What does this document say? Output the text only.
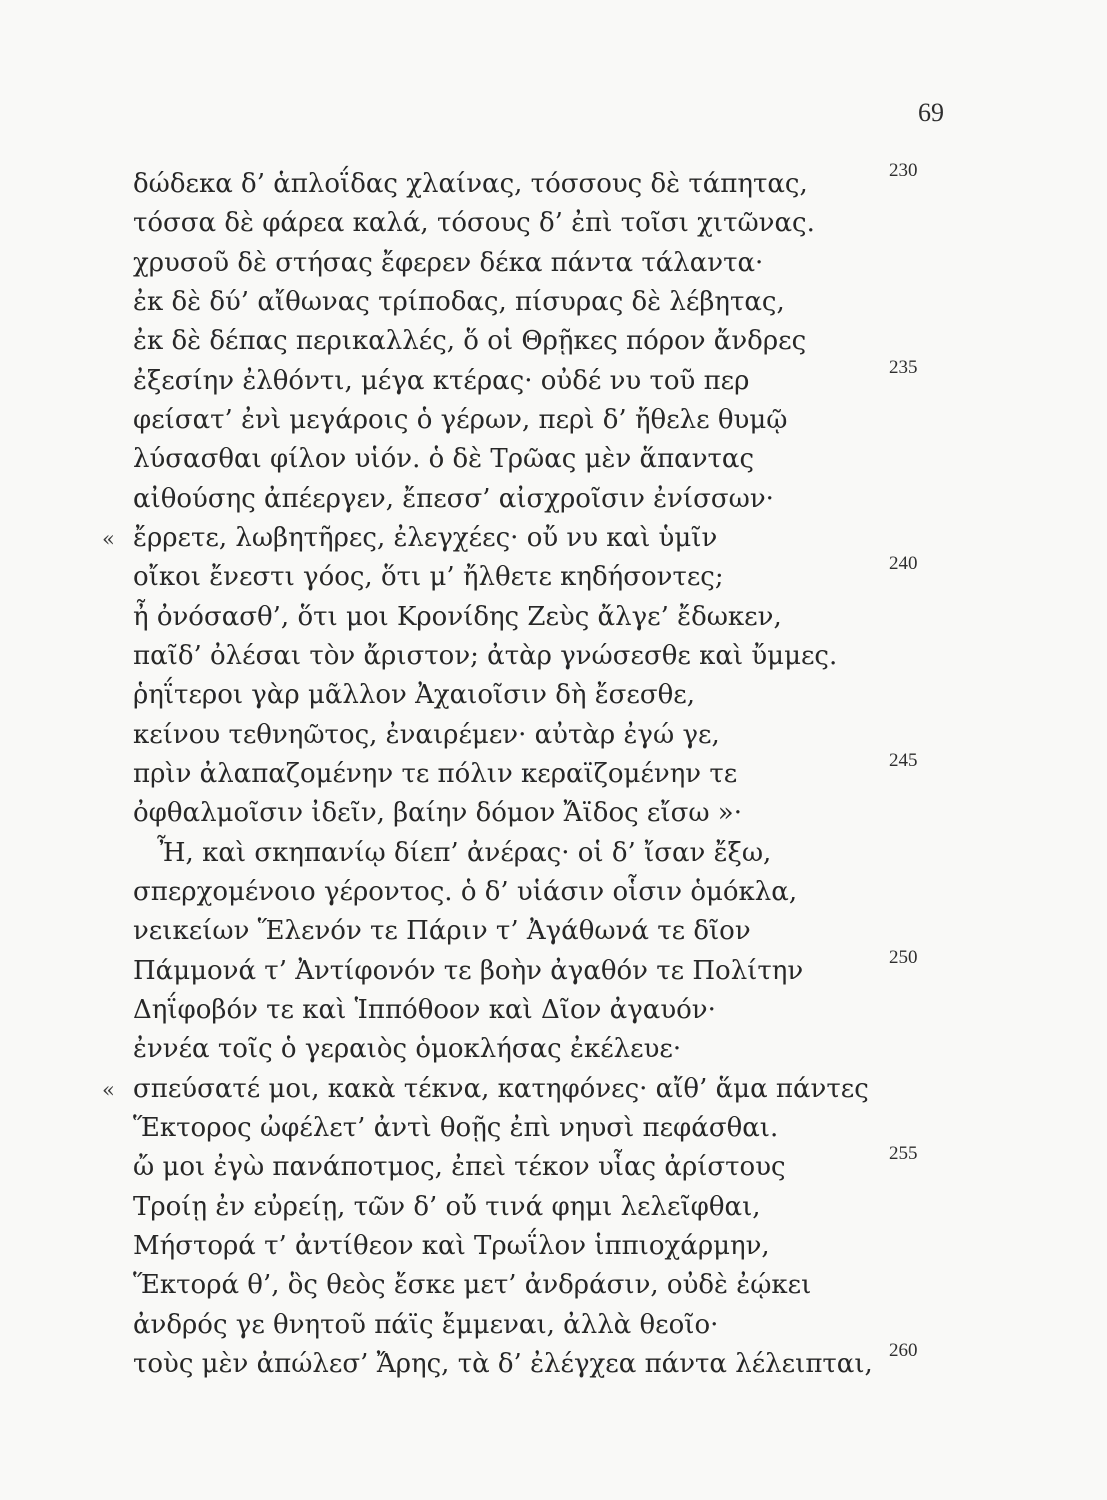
69
δώδεκα δ’ ἁπλοΐδας χλαίνας, τόσσους δὲ τάπητας,	230
τόσσα δὲ φάρεα καλά, τόσους δ’ ἐπὶ τοῖσι χιτῶνας.
χρυσοῦ δὲ στήσας ἔφερεν δέκα πάντα τάλαντα·
ἐκ δὲ δύ’ αἴθωνας τρίποδας, πίσυρας δὲ λέβητας,
ἐκ δὲ δέπας περικαλλές, ὅ οἱ Θρῇκες πόρον ἄνδρες
ἐξεσίην ἐλθόντι, μέγα κτέρας· οὐδέ νυ τοῦ περ	235
φείσατ’ ἐνὶ μεγάροις ὁ γέρων, περὶ δ’ ἤθελε θυμῷ
λύσασθαι φίλον υἱόν. ὁ δὲ Τρῶας μὲν ἅπαντας
αἰθούσης ἀπέεργεν, ἔπεσσ’ αἰσχροῖσιν ἐνίσσων·
« ἔρρετε, λωβητῆρες, ἐλεγχέες· οὔ νυ καὶ ὑμῖν
οἴκοι ἔνεστι γόος, ὅτι μ’ ἤλθετε κηδήσοντες;	240
ἦ ὀνόσασθ’, ὅτι μοι Κρονίδης Ζεὺς ἄλγε’ ἔδωκεν,
παῖδ’ ὀλέσαι τὸν ἄριστον; ἀτὰρ γνώσεσθε καὶ ὔμμες.
ῥηΐτεροι γὰρ μᾶλλον Ἀχαιοῖσιν δὴ ἔσεσθε,
κείνου τεθνηῶτος, ἐναιρέμεν· αὐτὰρ ἐγώ γε,
πρὶν ἀλαπαζομένην τε πόλιν κεραϊζομένην τε	245
ὀφθαλμοῖσιν ἰδεῖν, βαίην δόμον Ἄϊδος εἴσω »·
Ἦ, καὶ σκηπανίῳ δίεπ’ ἀνέρας· οἱ δ’ ἴσαν ἔξω,
σπερχομένοιο γέροντος. ὁ δ’ υἱάσιν οἷσιν ὁμόκλα,
νεικείων Ἕλενόν τε Πάριν τ’ Ἀγάθωνά τε δῖον
Πάμμονά τ’ Ἀντίφονόν τε βοὴν ἀγαθόν τε Πολίτην	250
Δηΐφοβόν τε καὶ Ἱππόθοον καὶ Δῖον ἀγαυόν·
ἐννέα τοῖς ὁ γεραιὸς ὁμοκλήσας ἐκέλευε·
« σπεύσατέ μοι, κακὰ τέκνα, κατηφόνες· αἴθ’ ἅμα πάντες
Ἕκτορος ὠφέλετ’ ἀντὶ θοῇς ἐπὶ νηυσὶ πεφάσθαι.
ὤ μοι ἐγὼ πανάποτμος, ἐπεὶ τέκον υἷας ἀρίστους	255
Τροίῃ ἐν εὐρείῃ, τῶν δ’ οὔ τινά φημι λελεῖφθαι,
Μήστορά τ’ ἀντίθεον καὶ Τρωΐλον ἱππιοχάρμην,
Ἕκτορά θ’, ὃς θεὸς ἔσκε μετ’ ἀνδράσιν, οὐδὲ ἐῴκει
ἀνδρός γε θνητοῦ πάϊς ἔμμεναι, ἀλλὰ θεοῖο·
τοὺς μὲν ἀπώλεσ’ Ἄρης, τὰ δ’ ἐλέγχεα πάντα λέλειπται, 260
